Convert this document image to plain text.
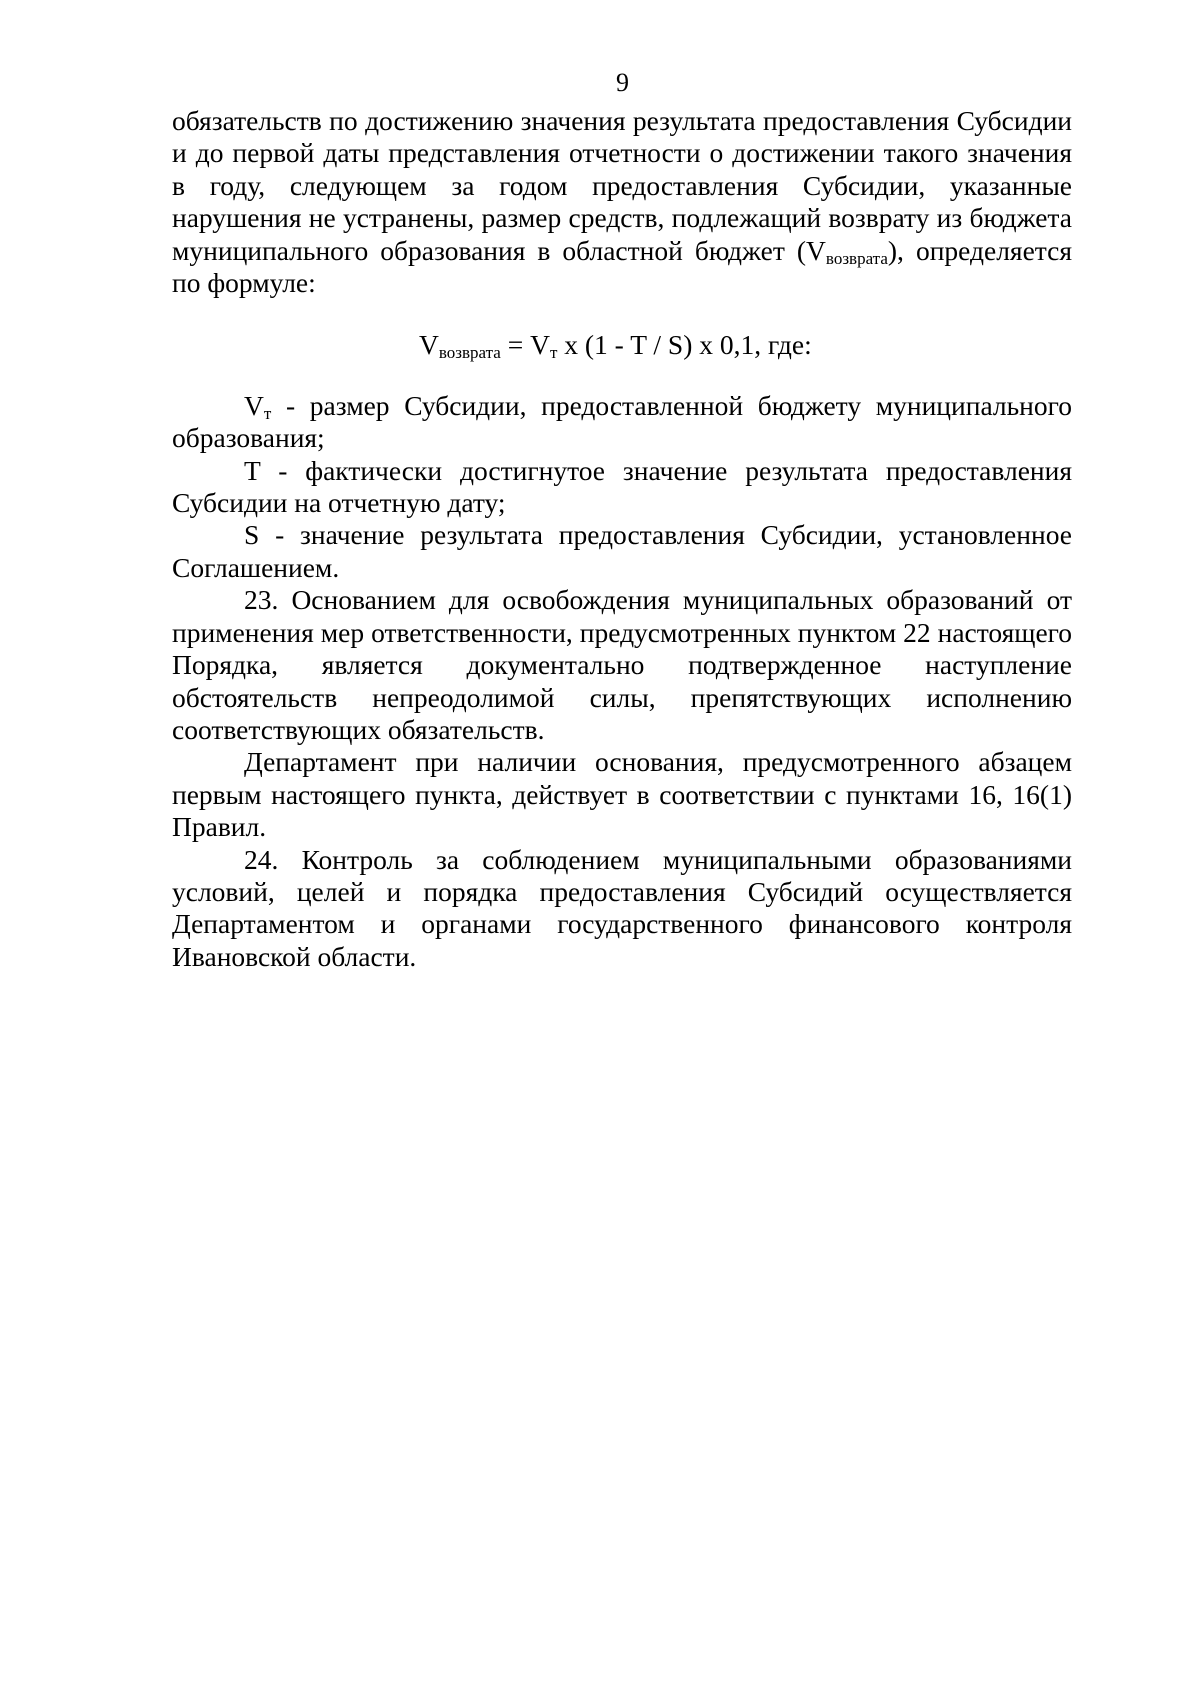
9

обязательств по достижению значения результата предоставления Субсидии и до первой даты представления отчетности о достижении такого значения в году, следующем за годом предоставления Субсидии, указанные нарушения не устранены, размер средств, подлежащий возврату из бюджета муниципального образования в областной бюджет $(V_{возврата})$, определяется по формуле:

$V_{возврата} = V_т$ x (1 - T / S) x 0,1, где:

$V_т$ - размер Субсидии, предоставленной бюджету муниципального образования;

T - фактически достигнутое значение результата предоставления Субсидии на отчетную дату;

S - значение результата предоставления Субсидии, установленное Соглашением.

23. Основанием для освобождения муниципальных образований от применения мер ответственности, предусмотренных пунктом 22 настоящего Порядка, является документально подтвержденное наступление обстоятельств непреодолимой силы, препятствующих исполнению соответствующих обязательств.

Департамент при наличии основания, предусмотренного абзацем первым настоящего пункта, действует в соответствии с пунктами 16, 16(1) Правил.

24. Контроль за соблюдением муниципальными образованиями условий, целей и порядка предоставления Субсидий осуществляется Департаментом и органами государственного финансового контроля Ивановской области.
